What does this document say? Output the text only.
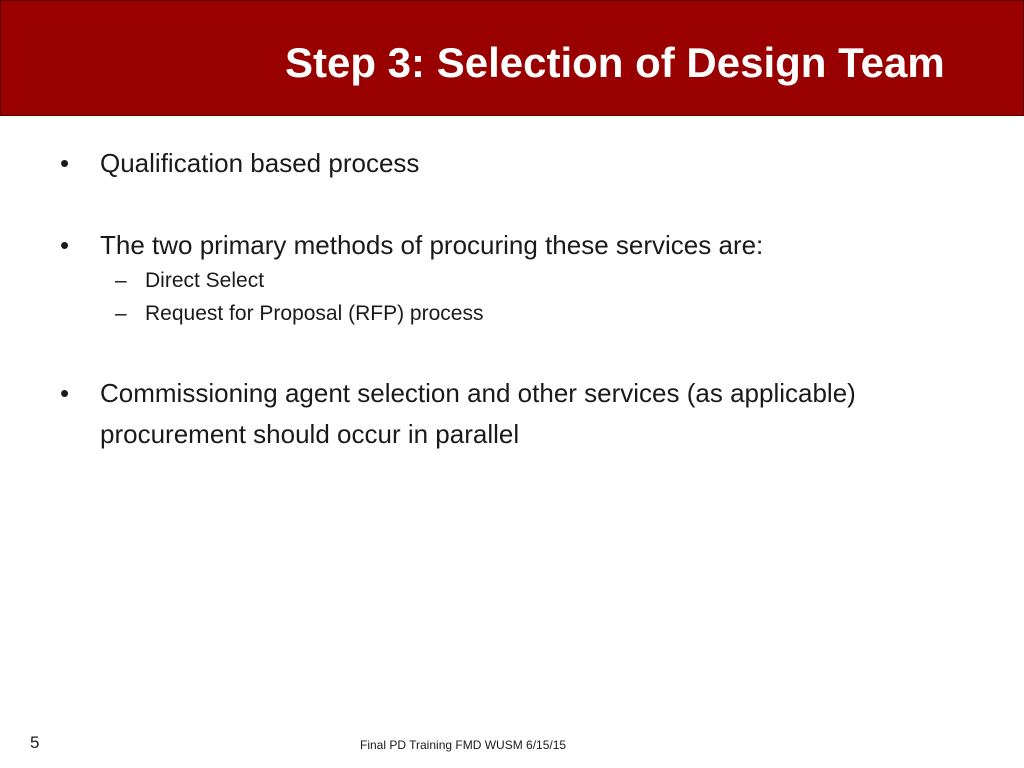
Step 3: Selection of Design Team
•	Qualification based process
•	The two primary methods of procuring these services are:
– Direct Select
– Request for Proposal (RFP) process
•	Commissioning agent selection and other services (as applicable) procurement should occur in parallel
5	Final PD Training FMD WUSM 6/15/15
